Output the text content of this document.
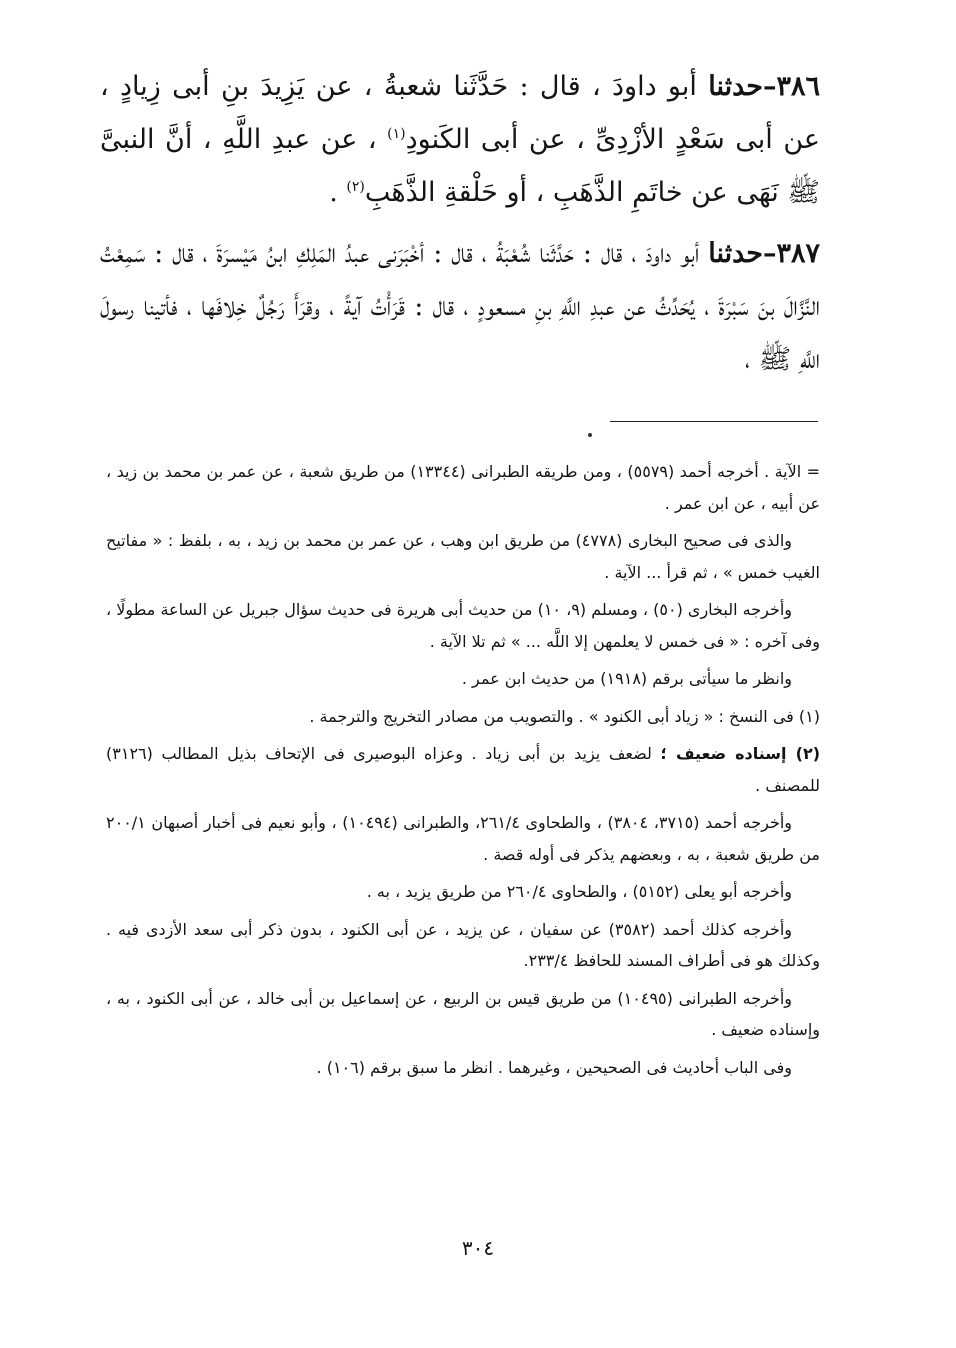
٣٨٦–حدثنا أبو داودَ ، قال : حَدَّثَنا شعبةُ ، عن يَزِيدَ بنِ أبى زِيادٍ ، عن أبى سَعْدٍ الأزْدِىِّ ، عن أبى الكَنودِ$^{(١)}$ ، عن عبدِ اللَّهِ ، أنَّ النبىَّ ﷺ نَهَى عن خاتَمِ الذَّهَبِ ، أو حَلْقةِ الذَّهَبِ$^{(٢)}$ .

٣٨٧–حدثنا أبو داودَ ، قال : حَدَّثَنا شُعْبَةُ ، قال : أخْبَرَنى عبدُ المَلِكِ ابنُ مَيْسرَةَ ، قال : سَمِعْتُ النَّزَّالَ بنَ سَبْرَةَ ، يُحَدِّثُ عن عبدِ اللَّهِ بنِ مسعودٍ ، قال : قَرَأْتُ آيةً ، وقرَأَ رَجُلٌ خِلافَها ، فأتينا رسولَ اللَّهِ ﷺ ،

= الآية . أخرجه أحمد (٥٥٧٩) ، ومن طريقه الطبرانى (١٣٣٤٤) من طريق شعبة ، عن عمر بن محمد بن زيد ، عن أبيه ، عن ابن عمر .

والذى فى صحيح البخارى (٤٧٧٨) من طريق ابن وهب ، عن عمر بن محمد بن زيد ، به ، بلفظ : « مفاتيح الغيب خمس » ، ثم قرأ ... الآية .

وأخرجه البخارى (٥٠) ، ومسلم (٩، ١٠) من حديث أبى هريرة فى حديث سؤال جبريل عن الساعة مطولًا ، وفى آخره : « فى خمس لا يعلمهن إلا اللَّه ... » ثم تلا الآية .

وانظر ما سيأتى برقم (١٩١٨) من حديث ابن عمر .

(١) فى النسخ : « زياد أبى الكنود » . والتصويب من مصادر التخريج والترجمة .

(٢) إسناده ضعيف ؛ لضعف يزيد بن أبى زياد . وعزاه البوصيرى فى الإتحاف بذيل المطالب (٣١٢٦) للمصنف .

وأخرجه أحمد (٣٧١٥، ٣٨٠٤) ، والطحاوى ٢٦١/٤، والطبرانى (١٠٤٩٤) ، وأبو نعيم فى أخبار أصبهان ٢٠٠/١ من طريق شعبة ، به ، وبعضهم يذكر فى أوله قصة .

وأخرجه أبو يعلى (٥١٥٢) ، والطحاوى ٢٦٠/٤ من طريق يزيد ، به .

وأخرجه كذلك أحمد (٣٥٨٢) عن سفيان ، عن يزيد ، عن أبى الكنود ، بدون ذكر أبى سعد الأزدى فيه . وكذلك هو فى أطراف المسند للحافظ ٢٣٣/٤.

وأخرجه الطبرانى (١٠٤٩٥) من طريق قيس بن الربيع ، عن إسماعيل بن أبى خالد ، عن أبى الكنود ، به ، وإسناده ضعيف .

وفى الباب أحاديث فى الصحيحين ، وغيرهما . انظر ما سبق برقم (١٠٦) .

٣٠٤
